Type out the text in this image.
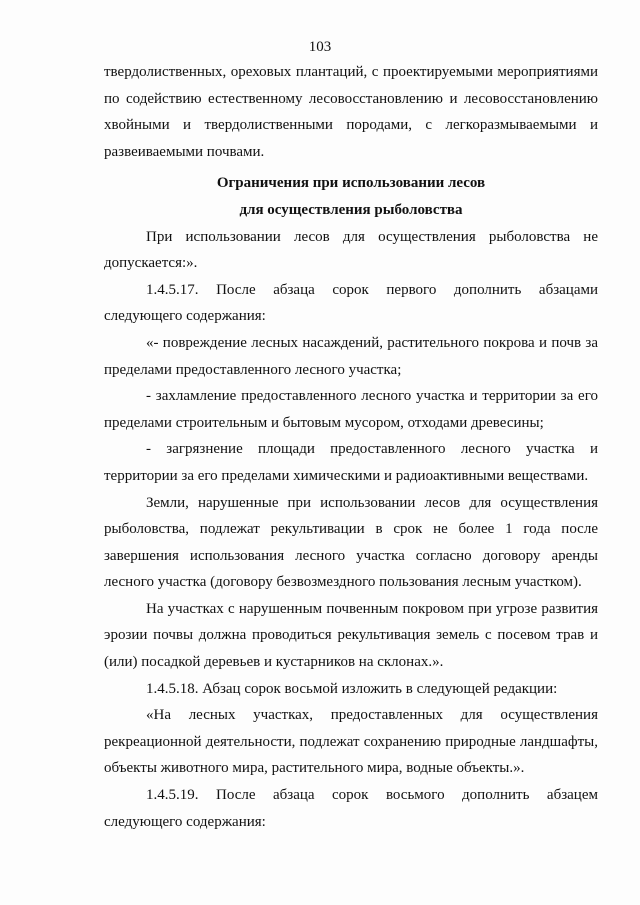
103
твердолиственных, ореховых плантаций, с проектируемыми мероприятиями
по содействию естественному лесовосстановлению и лесовосстановлению
хвойными и твердолиственными породами, с легкоразмываемыми и
развеиваемыми почвами.
Ограничения при использовании лесов
для осуществления рыболовства
При использовании лесов для осуществления рыболовства не
допускается:».
1.4.5.17. После абзаца сорок первого дополнить абзацами
следующего содержания:
«- повреждение лесных насаждений, растительного покрова и почв за
пределами предоставленного лесного участка;
- захламление предоставленного лесного участка и территории за его
пределами строительным и бытовым мусором, отходами древесины;
- загрязнение площади предоставленного лесного участка и
территории за его пределами химическими и радиоактивными веществами.
Земли, нарушенные при использовании лесов для осуществления
рыболовства, подлежат рекультивации в срок не более 1 года после
завершения использования лесного участка согласно договору аренды
лесного участка (договору безвозмездного пользования лесным участком).
На участках с нарушенным почвенным покровом при угрозе развития
эрозии почвы должна проводиться рекультивация земель с посевом трав и
(или) посадкой деревьев и кустарников на склонах.».
1.4.5.18. Абзац сорок восьмой изложить в следующей редакции:
«На лесных участках, предоставленных для осуществления
рекреационной деятельности, подлежат сохранению природные ландшафты,
объекты животного мира, растительного мира, водные объекты.».
1.4.5.19. После абзаца сорок восьмого дополнить абзацем
следующего содержания:
